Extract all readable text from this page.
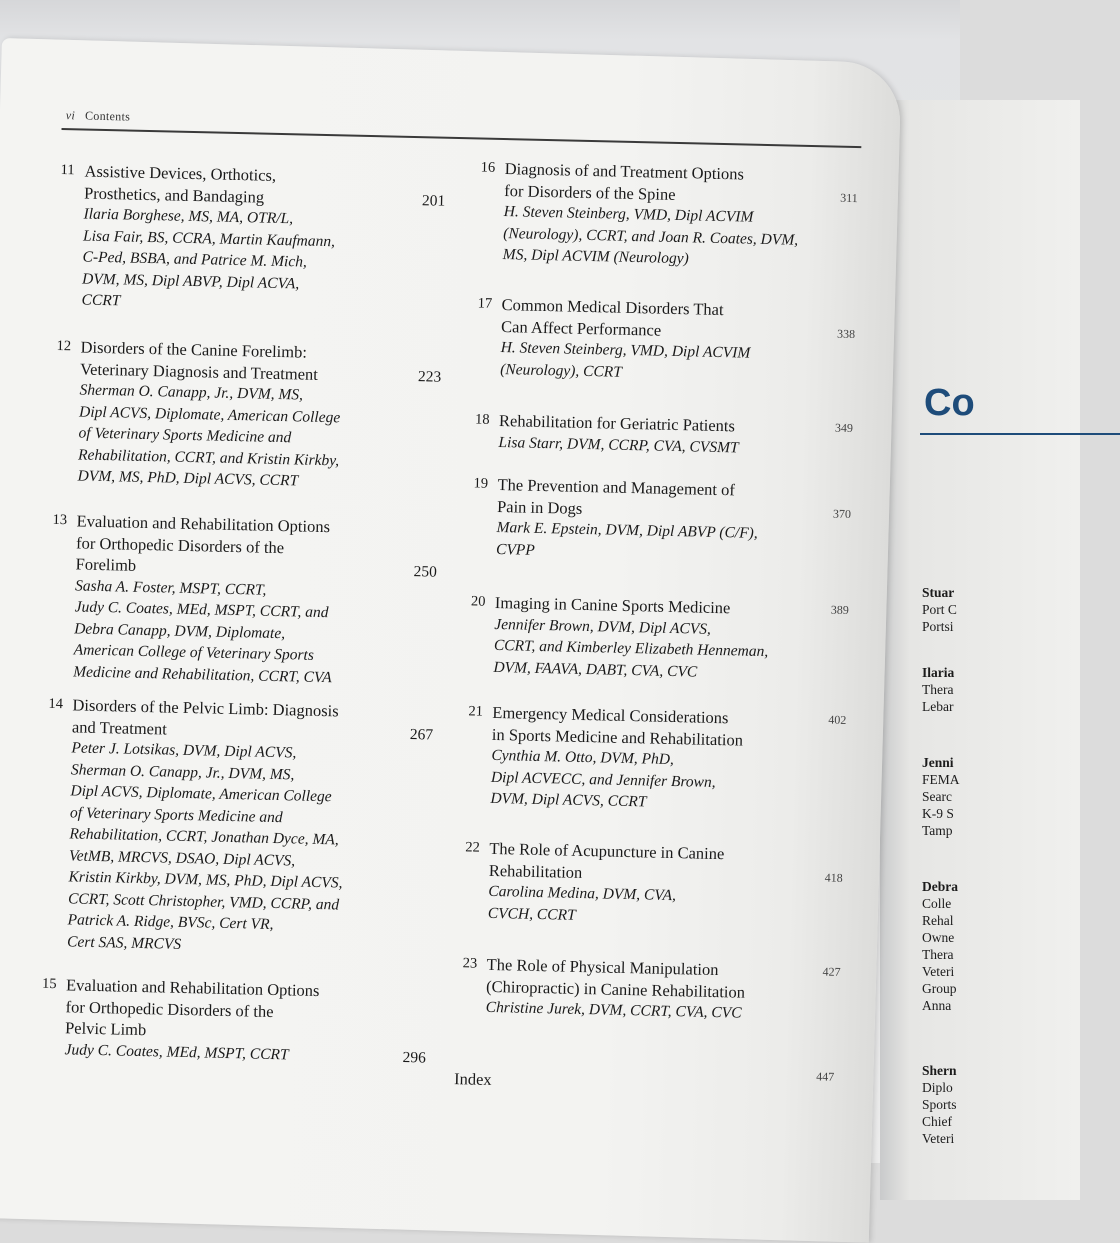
Co
Stuar
Port C
Portsi
Ilaria
Thera
Lebar
Jenni
FEMA
Searc
K-9 S
Tamp
Debra
Colle
Rehal
Owne
Thera
Veteri
Group
Anna
Shern
Diplo
Sports
Chief
Veteri
vi Contents
11 Assistive Devices, Orthotics,
Prosthetics, and Bandaging
Ilaria Borghese, MS, MA, OTR/L,
Lisa Fair, BS, CCRA, Martin Kaufmann,
C-Ped, BSBA, and Patrice M. Mich,
DVM, MS, Dipl ABVP, Dipl ACVA,
CCRT
201
12 Disorders of the Canine Forelimb:
Veterinary Diagnosis and Treatment
Sherman O. Canapp, Jr., DVM, MS,
Dipl ACVS, Diplomate, American College
of Veterinary Sports Medicine and
Rehabilitation, CCRT, and Kristin Kirkby,
DVM, MS, PhD, Dipl ACVS, CCRT
223
13 Evaluation and Rehabilitation Options
for Orthopedic Disorders of the
Forelimb
Sasha A. Foster, MSPT, CCRT,
Judy C. Coates, MEd, MSPT, CCRT, and
Debra Canapp, DVM, Diplomate,
American College of Veterinary Sports
Medicine and Rehabilitation, CCRT, CVA
250
14 Disorders of the Pelvic Limb: Diagnosis
and Treatment
Peter J. Lotsikas, DVM, Dipl ACVS,
Sherman O. Canapp, Jr., DVM, MS,
Dipl ACVS, Diplomate, American College
of Veterinary Sports Medicine and
Rehabilitation, CCRT, Jonathan Dyce, MA,
VetMB, MRCVS, DSAO, Dipl ACVS,
Kristin Kirkby, DVM, MS, PhD, Dipl ACVS,
CCRT, Scott Christopher, VMD, CCRP, and
Patrick A. Ridge, BVSc, Cert VR,
Cert SAS, MRCVS
267
15 Evaluation and Rehabilitation Options
for Orthopedic Disorders of the
Pelvic Limb
Judy C. Coates, MEd, MSPT, CCRT	296
16 Diagnosis of and Treatment Options
for Disorders of the Spine
H. Steven Steinberg, VMD, Dipl ACVIM
(Neurology), CCRT, and Joan R. Coates, DVM,
MS, Dipl ACVIM (Neurology)
311
17 Common Medical Disorders That
Can Affect Performance
H. Steven Steinberg, VMD, Dipl ACVIM
(Neurology), CCRT
338
18 Rehabilitation for Geriatric Patients
Lisa Starr, DVM, CCRP, CVA, CVSMT
349
19 The Prevention and Management of
Pain in Dogs
Mark E. Epstein, DVM, Dipl ABVP (C/F),
CVPP
370
20 Imaging in Canine Sports Medicine
Jennifer Brown, DVM, Dipl ACVS,
CCRT, and Kimberley Elizabeth Henneman,
DVM, FAAVA, DABT, CVA, CVC
389
21 Emergency Medical Considerations
in Sports Medicine and Rehabilitation
Cynthia M. Otto, DVM, PhD,
Dipl ACVECC, and Jennifer Brown,
DVM, Dipl ACVS, CCRT
402
22 The Role of Acupuncture in Canine
Rehabilitation
Carolina Medina, DVM, CVA,
CVCH, CCRT
418
23 The Role of Physical Manipulation
(Chiropractic) in Canine Rehabilitation
Christine Jurek, DVM, CCRT, CVA, CVC
427
Index	447
